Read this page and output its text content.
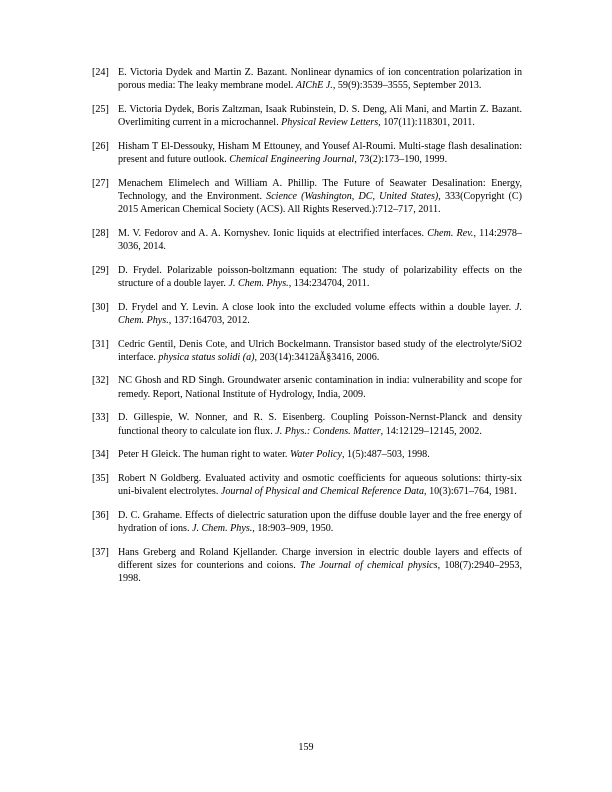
[24] E. Victoria Dydek and Martin Z. Bazant. Nonlinear dynamics of ion concentration polarization in porous media: The leaky membrane model. AIChE J., 59(9):3539–3555, September 2013.
[25] E. Victoria Dydek, Boris Zaltzman, Isaak Rubinstein, D. S. Deng, Ali Mani, and Martin Z. Bazant. Overlimiting current in a microchannel. Physical Review Letters, 107(11):118301, 2011.
[26] Hisham T El-Dessouky, Hisham M Ettouney, and Yousef Al-Roumi. Multi-stage flash desalination: present and future outlook. Chemical Engineering Journal, 73(2):173–190, 1999.
[27] Menachem Elimelech and William A. Phillip. The Future of Seawater Desalination: Energy, Technology, and the Environment. Science (Washington, DC, United States), 333(Copyright (C) 2015 American Chemical Society (ACS). All Rights Reserved.):712–717, 2011.
[28] M. V. Fedorov and A. A. Kornyshev. Ionic liquids at electrified interfaces. Chem. Rev., 114:2978–3036, 2014.
[29] D. Frydel. Polarizable poisson-boltzmann equation: The study of polarizability effects on the structure of a double layer. J. Chem. Phys., 134:234704, 2011.
[30] D. Frydel and Y. Levin. A close look into the excluded volume effects within a double layer. J. Chem. Phys., 137:164703, 2012.
[31] Cedric Gentil, Denis Cote, and Ulrich Bockelmann. Transistor based study of the electrolyte/SiO2 interface. physica status solidi (a), 203(14):3412âĂ§3416, 2006.
[32] NC Ghosh and RD Singh. Groundwater arsenic contamination in india: vulnerability and scope for remedy. Report, National Institute of Hydrology, India, 2009.
[33] D. Gillespie, W. Nonner, and R. S. Eisenberg. Coupling Poisson-Nernst-Planck and density functional theory to calculate ion flux. J. Phys.: Condens. Matter, 14:12129–12145, 2002.
[34] Peter H Gleick. The human right to water. Water Policy, 1(5):487–503, 1998.
[35] Robert N Goldberg. Evaluated activity and osmotic coefficients for aqueous solutions: thirty-six uni-bivalent electrolytes. Journal of Physical and Chemical Reference Data, 10(3):671–764, 1981.
[36] D. C. Grahame. Effects of dielectric saturation upon the diffuse double layer and the free energy of hydration of ions. J. Chem. Phys., 18:903–909, 1950.
[37] Hans Greberg and Roland Kjellander. Charge inversion in electric double layers and effects of different sizes for counterions and coions. The Journal of chemical physics, 108(7):2940–2953, 1998.
159
